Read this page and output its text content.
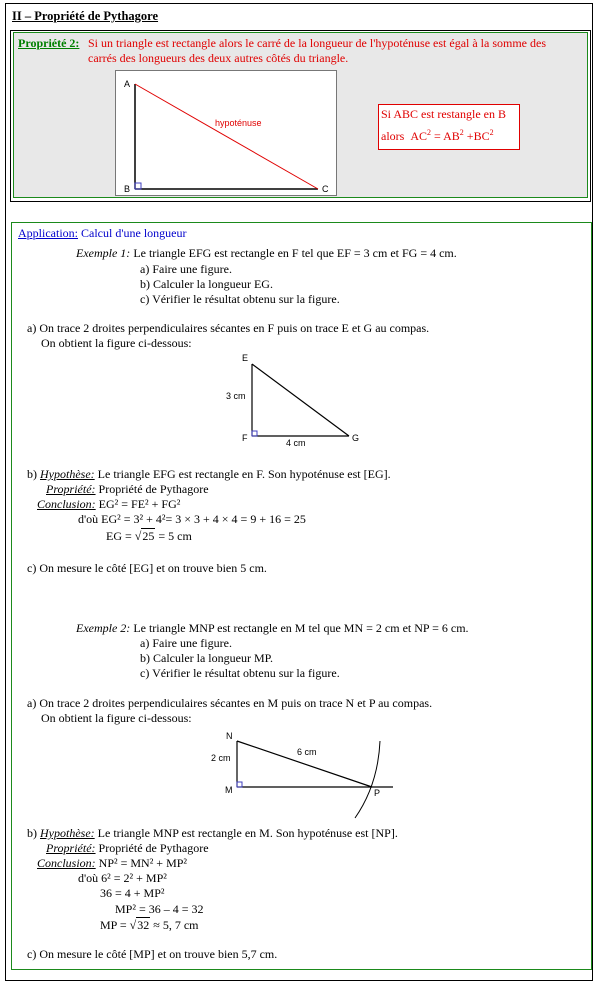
II – Propriété de Pythagore
Propriété 2: Si un triangle est rectangle alors le carré de la longueur de l'hypoténuse est égal à la somme des
carrés des longueurs des deux autres côtés du triangle.
A
B	C
hypoténuse
Si ABC est restangle en B
alors $AC^2 = AB^2 +BC^2$
Application: Calcul d'une longueur
Exemple 1: Le triangle EFG est rectangle en F tel que EF = 3 cm et FG = 4 cm.
a) Faire une figure.
b) Calculer la longueur EG.
c) Vérifier le résultat obtenu sur la figure.
a) On trace 2 droites perpendiculaires sécantes en F puis on trace E et G au compas.
On obtient la figure ci-dessous:
E
F	G
3 cm
4 cm
b) Hypothèse: Le triangle EFG est rectangle en F. Son hypoténuse est [EG].
Propriété: Propriété de Pythagore
Conclusion: EG² = FE² + FG²
d'où EG² = 3² + 4²= 3 × 3 + 4 × 4 = 9 + 16 = 25
EG = √25 = 5 cm
c) On mesure le côté [EG] et on trouve bien 5 cm.
Exemple 2: Le triangle MNP est rectangle en M tel que MN = 2 cm et NP = 6 cm.
a) Faire une figure.
b) Calculer la longueur MP.
c) Vérifier le résultat obtenu sur la figure.
a) On trace 2 droites perpendiculaires sécantes en M puis on trace N et P au compas.
On obtient la figure ci-dessous:
N
M	P
2 cm
6 cm
b) Hypothèse: Le triangle MNP est rectangle en M. Son hypoténuse est [NP].
Propriété: Propriété de Pythagore
Conclusion: NP² = MN² + MP²
d'où 6² = 2² + MP²
36 = 4 + MP²
MP² = 36 – 4 = 32
MP = √32 ≈ 5, 7 cm
c) On mesure le côté [MP] et on trouve bien 5,7 cm.
